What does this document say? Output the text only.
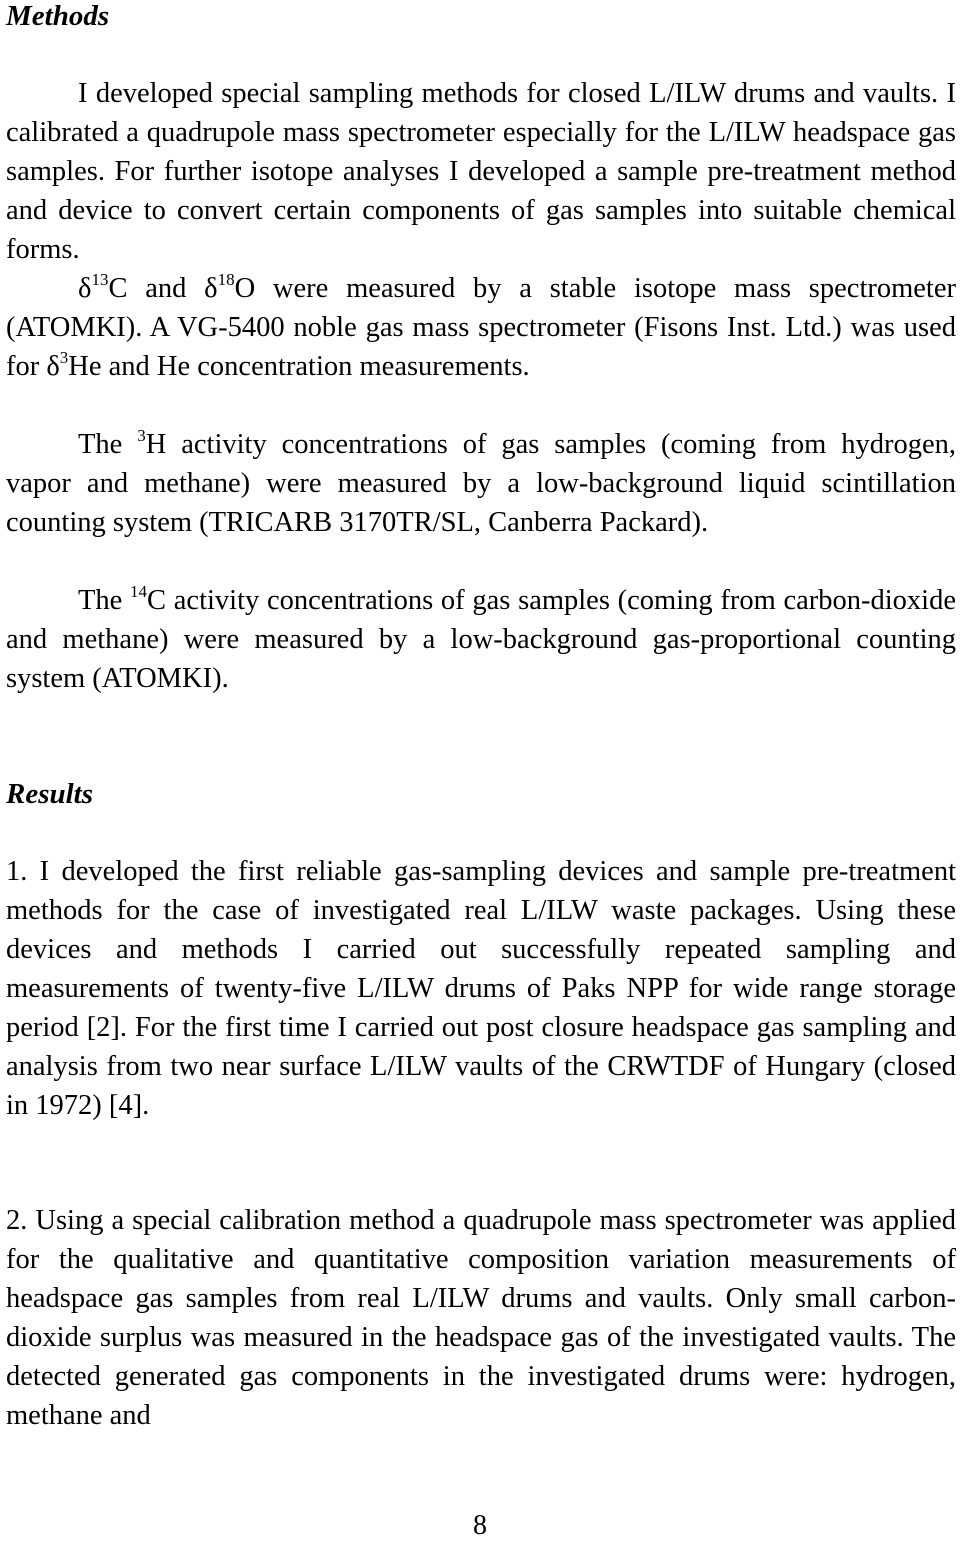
Methods

I developed special sampling methods for closed L/ILW drums and vaults. I calibrated a quadrupole mass spectrometer especially for the L/ILW headspace gas samples. For further isotope analyses I developed a sample pre-treatment method and device to convert certain components of gas samples into suitable chemical forms.

$\delta^{13}C$ and $\delta^{18}O$ were measured by a stable isotope mass spectrometer (ATOMKI). A VG-5400 noble gas mass spectrometer (Fisons Inst. Ltd.) was used for $\delta^3He$ and He concentration measurements.

The $^3$H activity concentrations of gas samples (coming from hydrogen, vapor and methane) were measured by a low-background liquid scintillation counting system (TRICARB 3170TR/SL, Canberra Packard).

The $^{14}$C activity concentrations of gas samples (coming from carbon-dioxide and methane) were measured by a low-background gas-proportional counting system (ATOMKI).

Results

1. I developed the first reliable gas-sampling devices and sample pre-treatment methods for the case of investigated real L/ILW waste packages. Using these devices and methods I carried out successfully repeated sampling and measurements of twenty-five L/ILW drums of Paks NPP for wide range storage period [2]. For the first time I carried out post closure headspace gas sampling and analysis from two near surface L/ILW vaults of the CRWTDF of Hungary (closed in 1972) [4].

2. Using a special calibration method a quadrupole mass spectrometer was applied for the qualitative and quantitative composition variation measurements of headspace gas samples from real L/ILW drums and vaults. Only small carbon-dioxide surplus was measured in the headspace gas of the investigated vaults. The detected generated gas components in the investigated drums were: hydrogen, methane and

8
